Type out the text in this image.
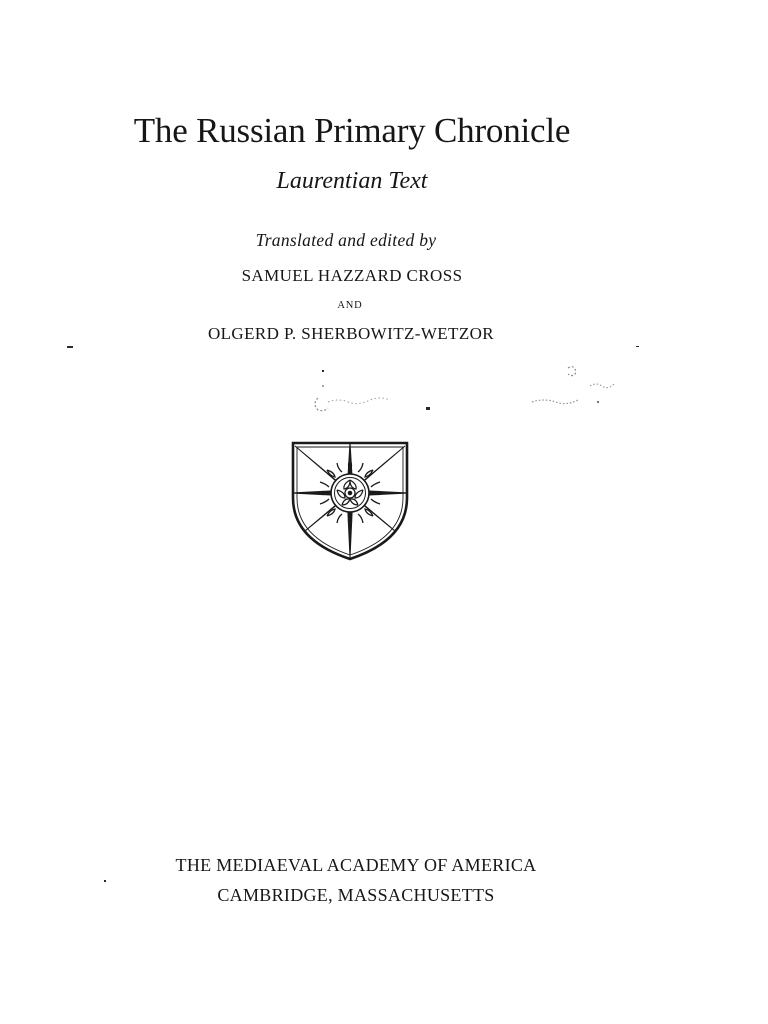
The Russian Primary Chronicle
Laurentian Text
Translated and edited by
SAMUEL HAZZARD CROSS
AND
OLGERD P. SHERBOWITZ-WETZOR
THE MEDIAEVAL ACADEMY OF AMERICA
CAMBRIDGE, MASSACHUSETTS
